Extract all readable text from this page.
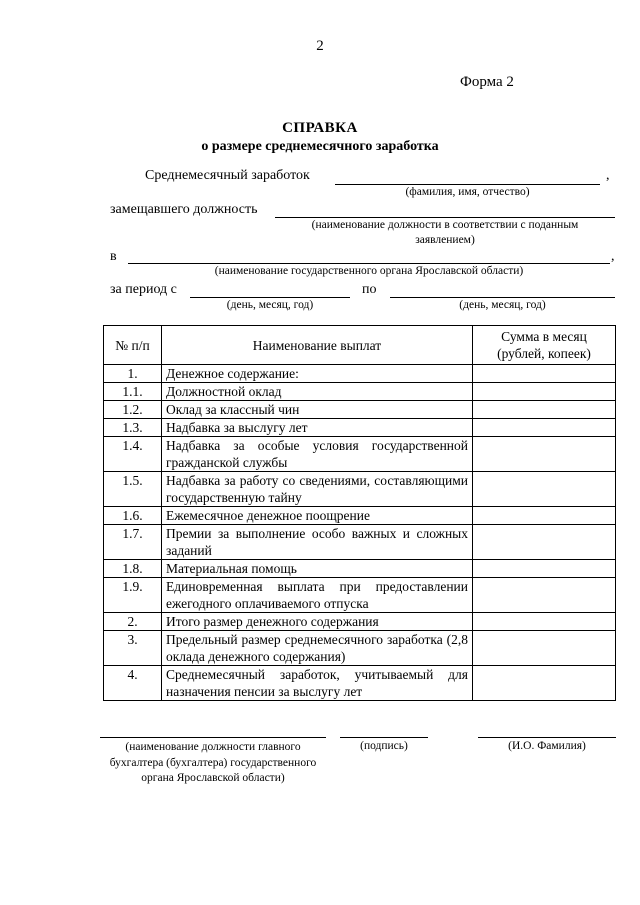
2
Форма 2
СПРАВКА
о размере среднемесячного заработка
Среднемесячный заработок	,
(фамилия, имя, отчество)
замещавшего должность
(наименование должности в соответствии с поданным
заявлением)
в	,
(наименование государственного органа Ярославской области)
за период с	по
(день, месяц, год)	(день, месяц, год)
№ п/п	Наименование выплат	Сумма в месяц (рублей, копеек)
1.	Денежное содержание:	
1.1.	Должностной оклад	
1.2.	Оклад за классный чин	
1.3.	Надбавка за выслугу лет	
1.4.	Надбавка за особые условия государственной гражданской службы	
1.5.	Надбавка за работу со сведениями, составляющими государственную тайну	
1.6.	Ежемесячное денежное поощрение	
1.7.	Премии за выполнение особо важных и сложных заданий	
1.8.	Материальная помощь	
1.9.	Единовременная выплата при предоставлении ежегодного оплачиваемого отпуска	
2.	Итого размер денежного содержания	
3.	Предельный размер среднемесячного заработка (2,8 оклада денежного содержания)	
4.	Среднемесячный заработок, учитываемый для назначения пенсии за выслугу лет	
(наименование должности главного бухгалтера (бухгалтера) государственного органа Ярославской области)
(подпись)	(И.О. Фамилия)
